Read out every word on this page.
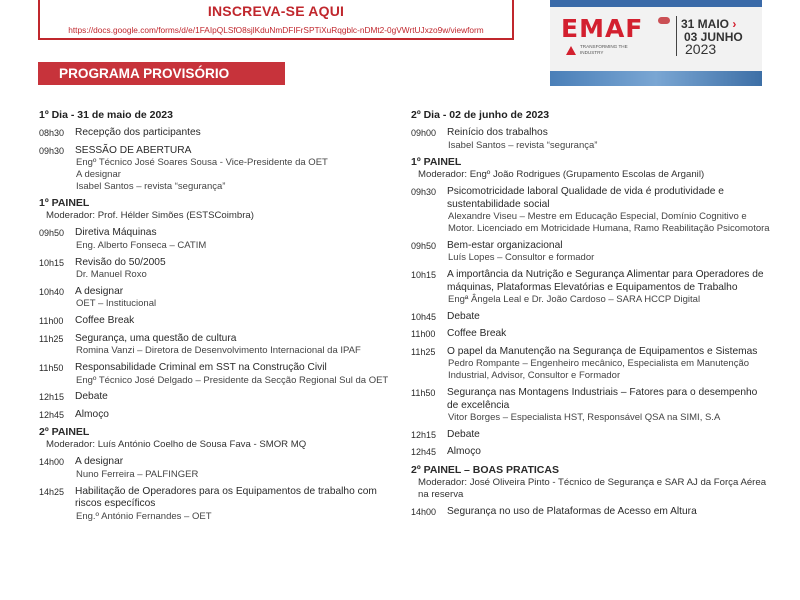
INSCREVA-SE AQUI
https://docs.google.com/forms/d/e/1FAIpQLSfO8sjlKduNmDFIFrSPTiXuRqgblc-nDMt2-0gVWrtUJxzo9w/viewform	EMAF
TRANSFORMING THE INDUSTRY
31 MAIO ›
03 JUNHO
2023
PROGRAMA PROVISÓRIO
1º Dia - 31 de maio de 2023
08h30	Recepção dos participantes
09h30	SESSÃO DE ABERTURA
Engº Técnico José Soares Sousa - Vice-Presidente da OET
A designar
Isabel Santos – revista “segurança”
1º PAINEL
Moderador: Prof. Hélder Simões (ESTSCoimbra)
09h50	Diretiva Máquinas
Eng. Alberto Fonseca – CATIM
10h15	Revisão do 50/2005
Dr. Manuel Roxo
10h40	A designar
OET – Institucional
11h00	Coffee Break
11h25	Segurança, uma questão de cultura
Romina Vanzi – Diretora de Desenvolvimento Internacional da IPAF
11h50	Responsabilidade Criminal em SST na Construção Civil
Engº Técnico José Delgado – Presidente da Secção Regional Sul da OET
12h15	Debate
12h45	Almoço
2º PAINEL
Moderador: Luís António Coelho de Sousa Fava - SMOR MQ
14h00	A designar
Nuno Ferreira – PALFINGER
14h25	Habilitação de Operadores para os Equipamentos de trabalho com riscos específicos
Eng.º António Fernandes – OET
2º Dia - 02 de junho de 2023
09h00	Reinício dos trabalhos
Isabel Santos – revista “segurança”
1º PAINEL
Moderador: Engº João Rodrigues (Grupamento Escolas de Arganil)
09h30	Psicomotricidade laboral Qualidade de vida é produtividade e sustentabilidade social
Alexandre Viseu – Mestre em Educação Especial, Domínio Cognitivo e Motor. Licenciado em Motricidade Humana, Ramo Reabilitação Psicomotora
09h50	Bem-estar organizacional
Luís Lopes – Consultor e formador
10h15	A importância da Nutrição e Segurança Alimentar para Operadores de máquinas, Plataformas Elevatórias e Equipamentos de Trabalho
Engª Ângela Leal e Dr. João Cardoso – SARA HCCP Digital
10h45	Debate
11h00	Coffee Break
11h25	O papel da Manutenção na Segurança de Equipamentos e Sistemas
Pedro Rompante – Engenheiro mecânico, Especialista em Manutenção Industrial, Advisor, Consultor e Formador
11h50	Segurança nas Montagens Industriais – Fatores para o desempenho de excelência
Vitor Borges – Especialista HST, Responsável QSA na SIMI, S.A
12h15	Debate
12h45	Almoço
2º PAINEL – BOAS PRATICAS
Moderador: José Oliveira Pinto - Técnico de Segurança e SAR AJ da Força Aérea na reserva
14h00	Segurança no uso de Plataformas de Acesso em Altura
